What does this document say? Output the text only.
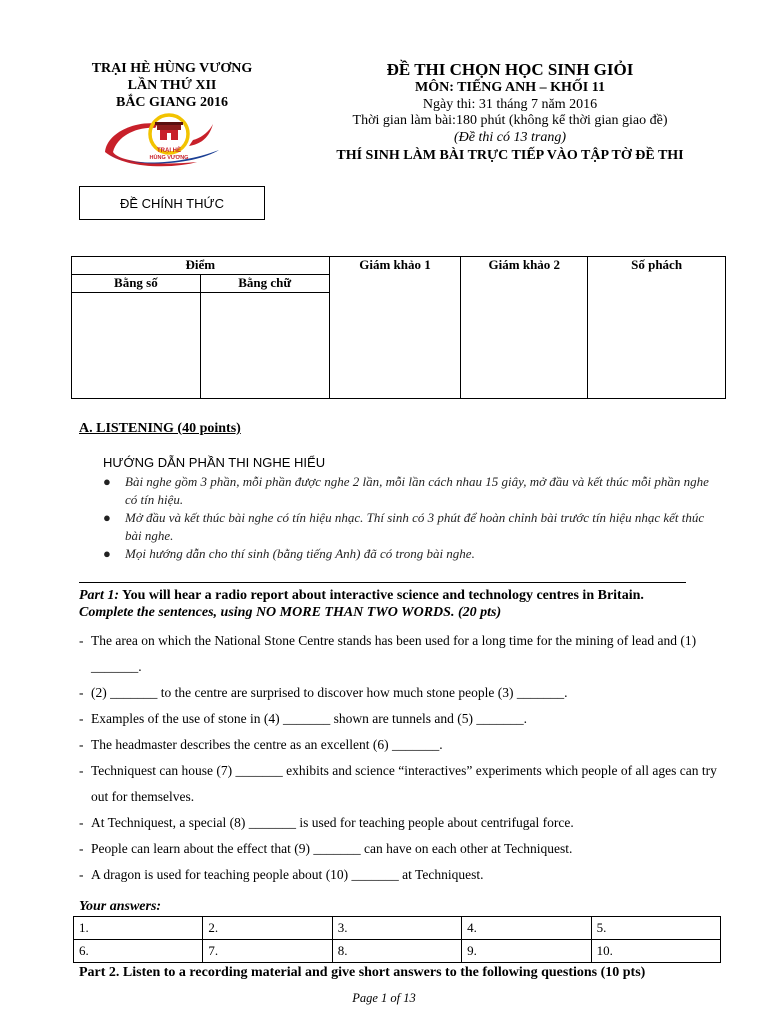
TRẠI HÈ HÙNG VƯƠNG
LẦN THỨ XII
BẮC GIANG 2016
TRẠI HÈ
HÙNG VƯƠNG
ĐỀ CHÍNH THỨC
ĐỀ THI CHỌN HỌC SINH GIỎI
MÔN: TIẾNG ANH – KHỐI 11
Ngày thi: 31 tháng 7 năm 2016
Thời gian làm bài:180 phút (không kể thời gian giao đề)
(Đề thi có 13 trang)
THÍ SINH LÀM BÀI TRỰC TIẾP VÀO TẬP TỜ ĐỀ THI
Điểm		Giám khảo 1	Giám khảo 2	Số phách
Bằng số	Bằng chữ			

A. LISTENING (40 points)
HƯỚNG DẪN PHẦN THI NGHE HIỂU
● Bài nghe gồm 3 phần, mỗi phần được nghe 2 lần, mỗi lần cách nhau 15 giây, mở đầu và kết thúc mỗi phần nghe có tín hiệu.
● Mở đầu và kết thúc bài nghe có tín hiệu nhạc. Thí sinh có 3 phút để hoàn chỉnh bài trước tín hiệu nhạc kết thúc bài nghe.
● Mọi hướng dẫn cho thí sinh (bằng tiếng Anh) đã có trong bài nghe.
Part 1: You will hear a radio report about interactive science and technology centres in Britain.
Complete the sentences, using NO MORE THAN TWO WORDS. (20 pts)
- The area on which the National Stone Centre stands has been used for a long time for the mining of lead and (1) _______.
- (2) _______ to the centre are surprised to discover how much stone people (3) _______.
- Examples of the use of stone in (4) _______ shown are tunnels and (5) _______.
- The headmaster describes the centre as an excellent (6) _______.
- Techniquest can house (7) _______ exhibits and science “interactives” experiments which people of all ages can try out for themselves.
- At Techniquest, a special (8) _______ is used for teaching people about centrifugal force.
- People can learn about the effect that (9) _______ can have on each other at Techniquest.
- A dragon is used for teaching people about (10) _______ at Techniquest.
Your answers:
1.	2.	3.	4.	5.
6.	7.	8.	9.	10.
Part 2. Listen to a recording material and give short answers to the following questions (10 pts)
Page 1 of 13
